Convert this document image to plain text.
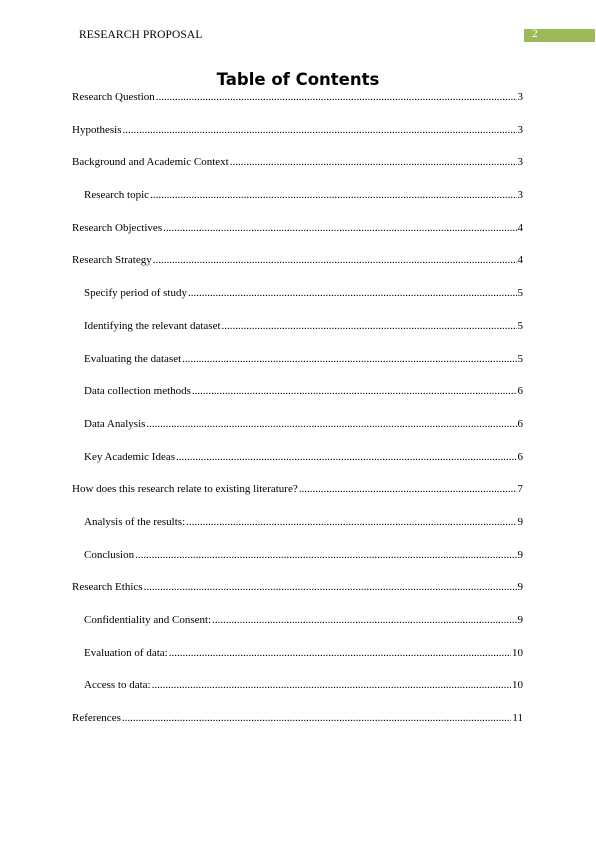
RESEARCH PROPOSAL	2
Table of Contents
Research Question .....	3
Hypothesis .....	3
Background and Academic Context .....	3
Research topic .....	3
Research Objectives .....	4
Research Strategy .....	4
Specify period of study .....	5
Identifying the relevant dataset .....	5
Evaluating the dataset .....	5
Data collection methods .....	6
Data Analysis .....	6
Key Academic Ideas .....	6
How does this research relate to existing literature? .....	7
Analysis of the results: .....	9
Conclusion .....	9
Research Ethics .....	9
Confidentiality and Consent: .....	9
Evaluation of data: .....	10
Access to data: .....	10
References .....	11
